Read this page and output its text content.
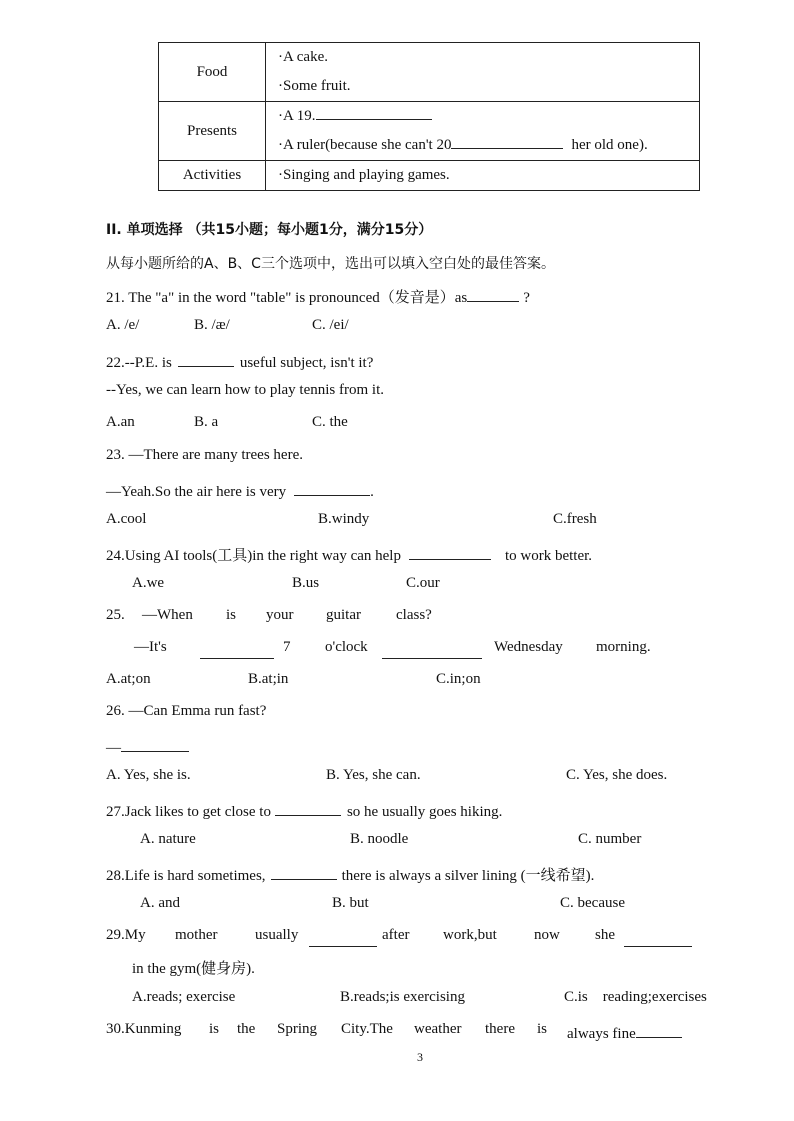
Food	·A cake.
·Some fruit.

Presents	·A 19.
·A ruler(because she can't 20 her old one).

Activities	·Singing and playing games.
II. 单项选择 （共15小题；每小题1分，满分15分）
从每小题所给的A、B、C三个选项中，选出可以填入空白处的最佳答案。
21. The "a" in the word "table" is pronounced（发音是）as	?
A. /e/	B. /æ/	C. /ei/
22.--P.E. is	useful subject, isn't it?
--Yes, we can learn how to play tennis from it.
A.an	B. a	C. the
23. —There are many trees here.
—Yeah.So the air here is very	.
A.cool	B.windy	C.fresh
24.Using AI tools(工具)in the right way can help	to work better.
A.we	B.us	C.our
25. —When is your guitar class?
—It's	7 o'clock	Wednesday morning.
A.at;on	B.at;in	C.in;on
26. —Can Emma run fast?
—
A. Yes, she is.	B. Yes, she can.	C. Yes, she does.
27.Jack likes to get close to	so he usually goes hiking.
A. nature	B. noodle	C. number
28.Life is hard sometimes,	there is always a silver lining (一线希望).
A. and	B. but	C. because
29.My mother	usually	after work,but now she
in the gym(健身房).
A.reads; exercise	B.reads;is exercising	C.is    reading;exercises
30.Kunming is the Spring City.The weather there is always fine
3
